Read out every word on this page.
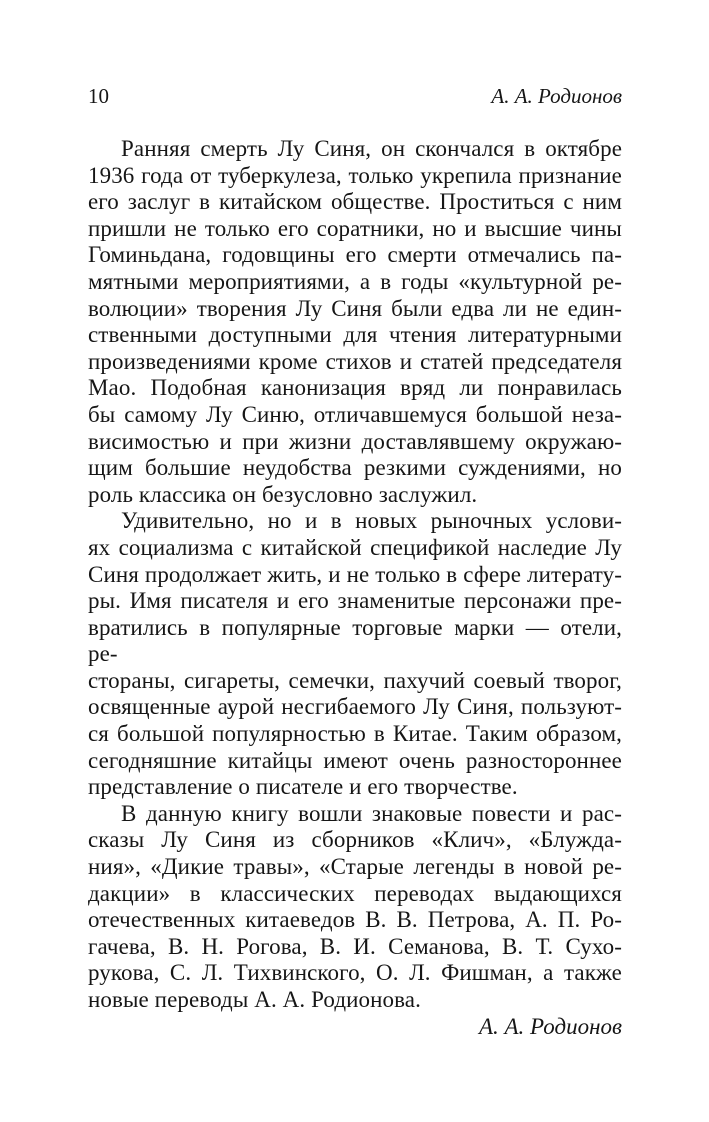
10	А. А. Родионов
Ранняя смерть Лу Синя, он скончался в октябре
1936 года от туберкулеза, только укрепила признание
его заслуг в китайском обществе. Проститься с ним
пришли не только его соратники, но и высшие чины
Гоминьдана, годовщины его смерти отмечались па-
мятными мероприятиями, а в годы «культурной ре-
волюции» творения Лу Синя были едва ли не един-
ственными доступными для чтения литературными
произведениями кроме стихов и статей председателя
Мао. Подобная канонизация вряд ли понравилась
бы самому Лу Синю, отличавшемуся большой неза-
висимостью и при жизни доставлявшему окружаю-
щим большие неудобства резкими суждениями, но
роль классика он безусловно заслужил.
Удивительно, но и в новых рыночных услови-
ях социализма с китайской спецификой наследие Лу
Синя продолжает жить, и не только в сфере литерату-
ры. Имя писателя и его знаменитые персонажи пре-
вратились в популярные торговые марки — отели, ре-
стораны, сигареты, семечки, пахучий соевый творог,
освященные аурой несгибаемого Лу Синя, пользуют-
ся большой популярностью в Китае. Таким образом,
сегодняшние китайцы имеют очень разностороннее
представление о писателе и его творчестве.
В данную книгу вошли знаковые повести и рас-
сказы Лу Синя из сборников «Клич», «Блужда-
ния», «Дикие травы», «Старые легенды в новой ре-
дакции» в классических переводах выдающихся
отечественных китаеведов В. В. Петрова, А. П. Ро-
гачева, В. Н. Рогова, В. И. Семанова, В. Т. Сухо-
рукова, С. Л. Тихвинского, О. Л. Фишман, а также
новые переводы А. А. Родионова.
А. А. Родионов
